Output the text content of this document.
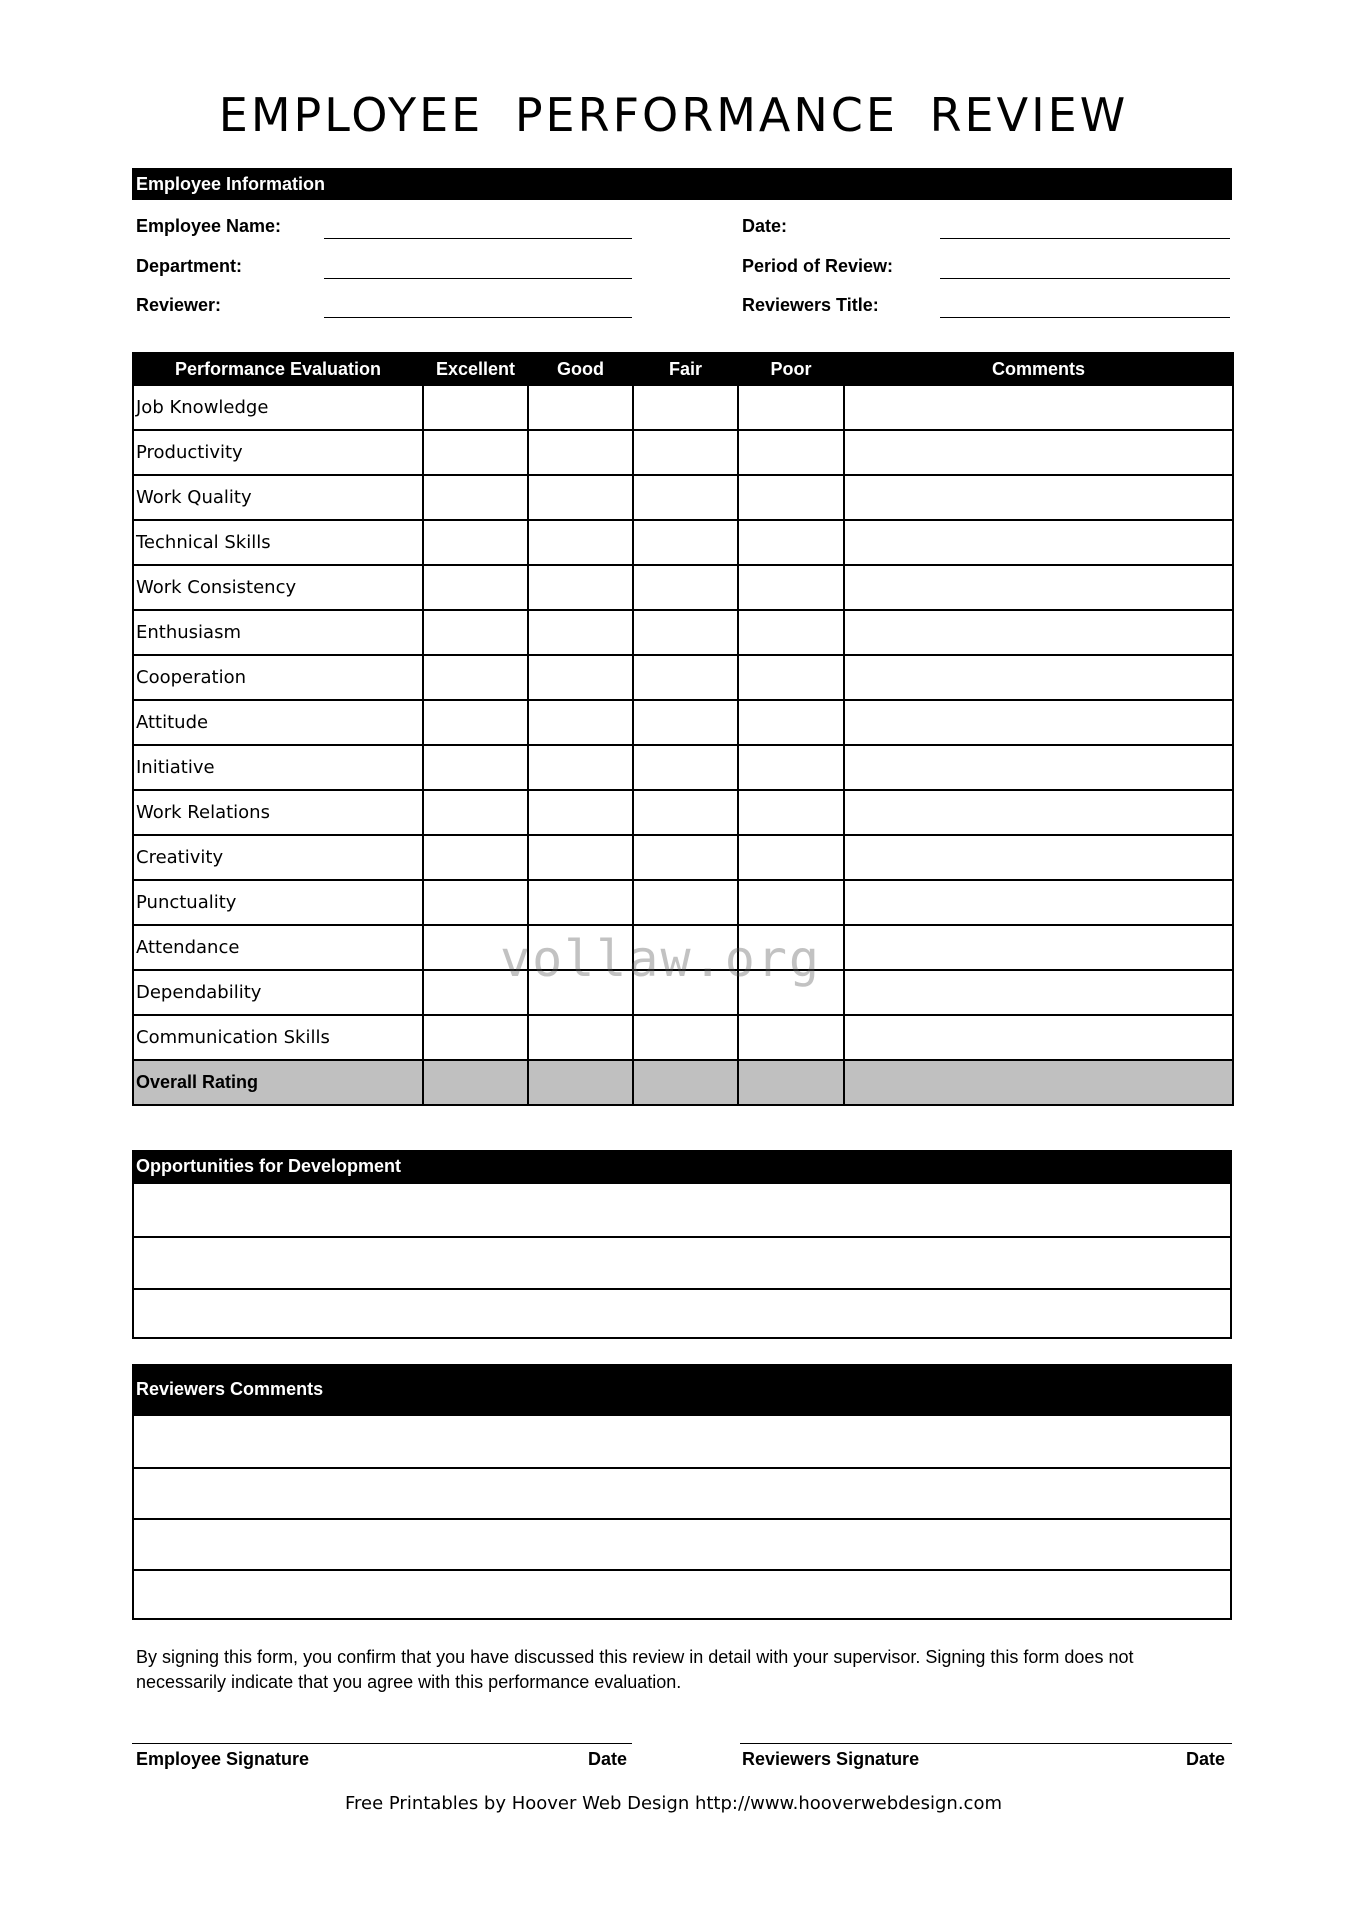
EMPLOYEE PERFORMANCE REVIEW
Employee Information
Employee Name:
Department:
Reviewer:
Date:
Period of Review:
Reviewers Title:
Performance Evaluation	Excellent	Good	Fair	Poor	Comments
Job Knowledge					
Productivity					
Work Quality					
Technical Skills					
Work Consistency					
Enthusiasm					
Cooperation					
Attitude					
Initiative					
Work Relations					
Creativity					
Punctuality					
Attendance					
Dependability					
Communication Skills					
Overall Rating					
Opportunities for Development
Reviewers Comments
By signing this form, you confirm that you have discussed this review in detail with your supervisor. Signing this form does not necessarily indicate that you agree with this performance evaluation.
Employee Signature	Date	Reviewers Signature	Date
Free Printables by Hoover Web Design http://www.hooverwebdesign.com
vollaw.org
